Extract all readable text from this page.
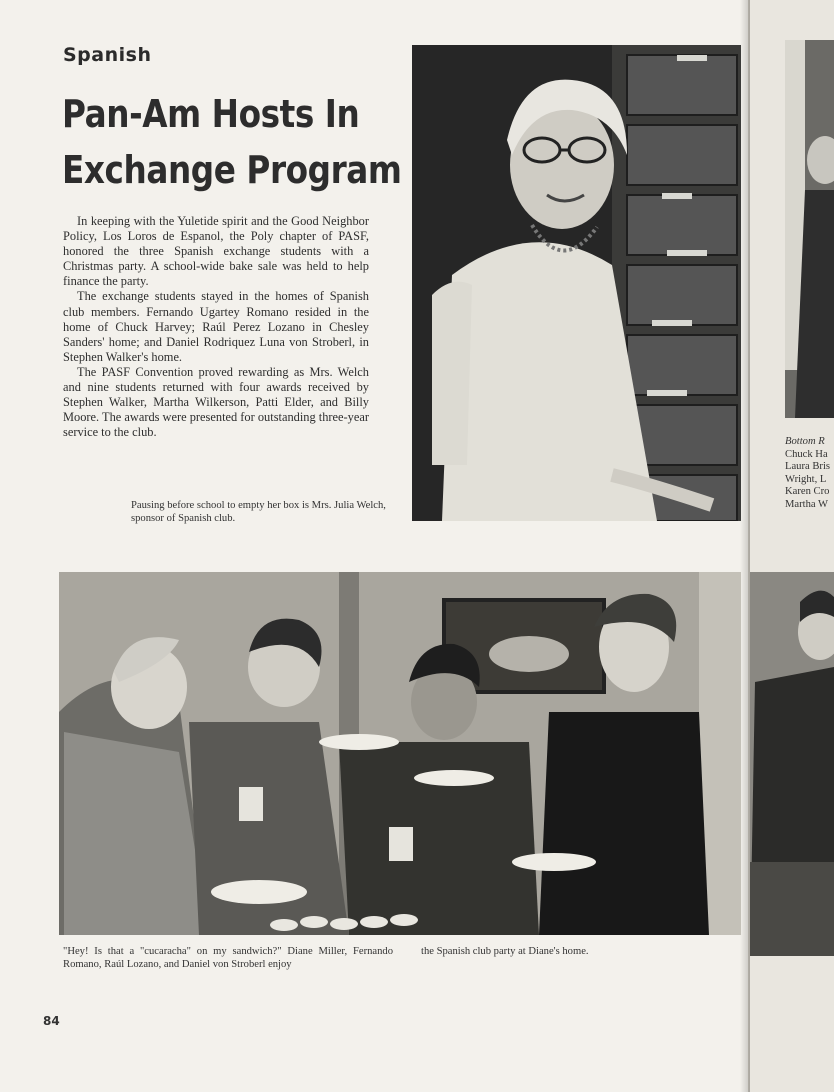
Spanish
Pan-Am Hosts In
Exchange Program

In keeping with the Yuletide spirit and the Good Neighbor Policy, Los Loros de Espanol, the Poly chapter of PASF, honored the three Spanish exchange students with a Christmas party. A school-wide bake sale was held to help finance the party.

The exchange students stayed in the homes of Spanish club members. Fernando Ugartey Romano resided in the home of Chuck Harvey; Raúl Perez Lozano in Chesley Sanders' home; and Daniel Rodriquez Luna von Stroberl, in Stephen Walker's home.

The PASF Convention proved rewarding as Mrs. Welch and nine students returned with four awards received by Stephen Walker, Martha Wilkerson, Patti Elder, and Billy Moore. The awards were presented for outstanding three-year service to the club.

Pausing before school to empty her box is Mrs. Julia Welch, sponsor of Spanish club.
Bottom R
Chuck Ha
Laura Bris
Wright, L
Karen Cro
Martha W
"Hey! Is that a "cucaracha" on my sandwich?" Diane Miller, Fernando Romano, Raúl Lozano, and Daniel von Stroberl enjoy
the Spanish club party at Diane's home.
84
